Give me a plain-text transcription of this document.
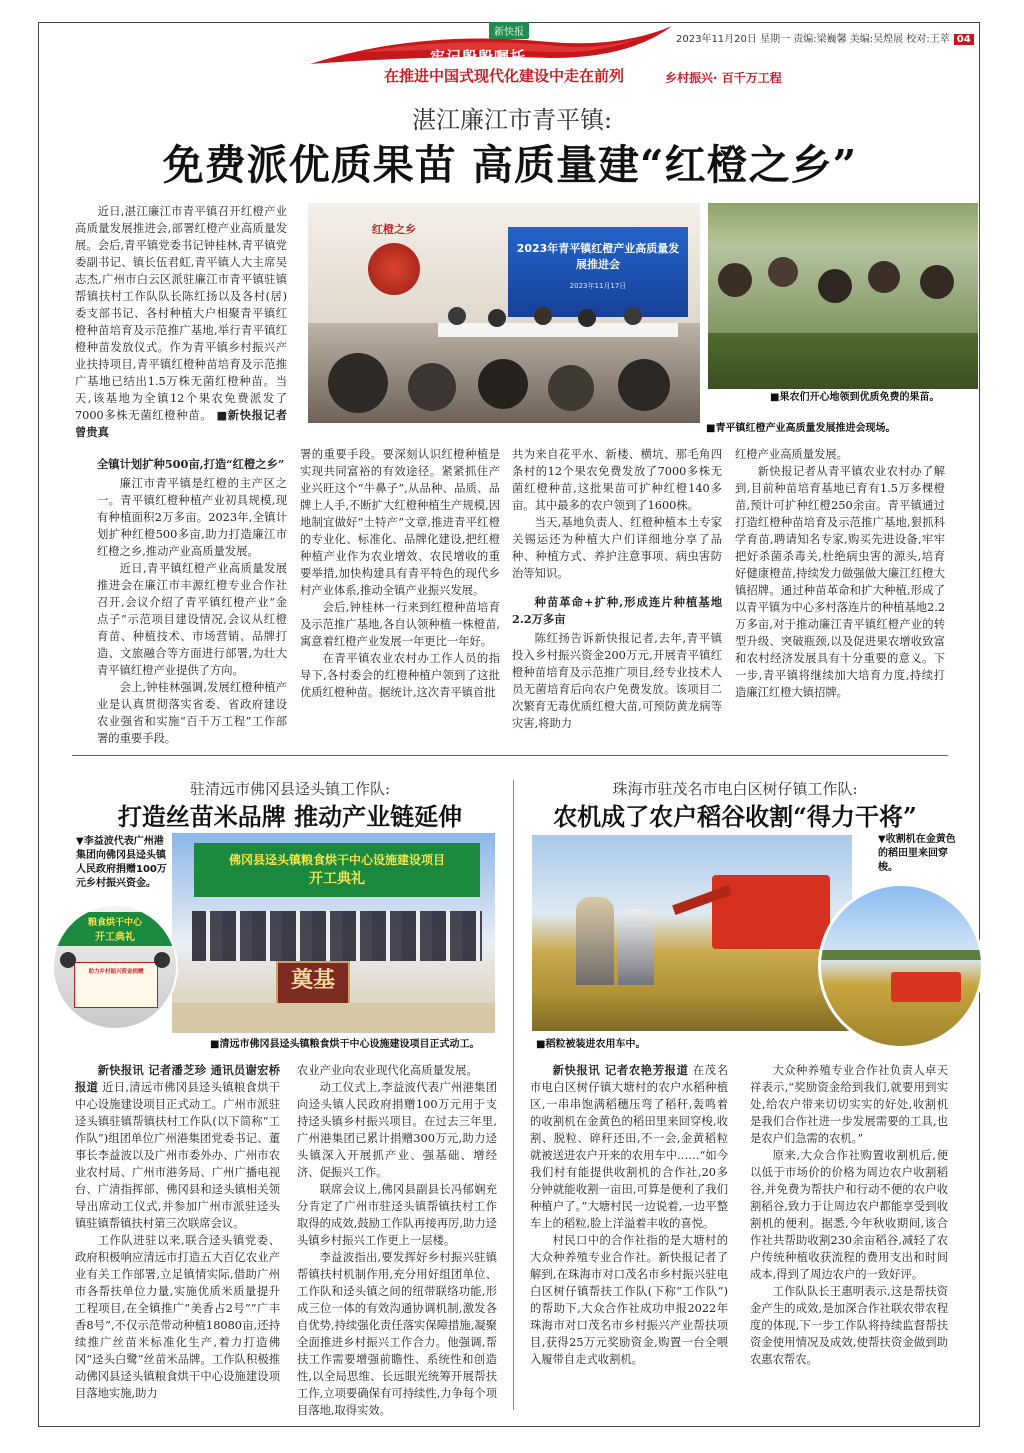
新快报
牢记殷殷嘱托
在推进中国式现代化建设中走在前列	乡村振兴· 百千万工程
2023年11月20日 星期一 责编:梁巍馨 美编:吴煌展 校对:王萃 04
湛江廉江市青平镇:
免费派优质果苗 高质量建“红橙之乡”

近日,湛江廉江市青平镇召开红橙产业高质量发展推进会,部署红橙产业高质量发展。会后,青平镇党委书记钟桂林,青平镇党委副书记、镇长伍君虹,青平镇人大主席吴志杰,广州市白云区派驻廉江市青平镇驻镇帮镇扶村工作队队长陈红扬以及各村(居)委支部书记、各村种植大户相聚青平镇红橙种苗培育及示范推广基地,举行青平镇红橙种苗发放仪式。作为青平镇乡村振兴产业扶持项目,青平镇红橙种苗培育及示范推广基地已结出1.5万株无菌红橙种苗。当天,该基地为全镇12个果农免费派发了7000多株无菌红橙种苗。 ■新快报记者 曾贵真

红橙之乡
2023年青平镇红橙产业高质量发展推进会
2023年11月17日
■青平镇红橙产业高质量发展推进会现场。
■果农们开心地领到优质免费的果苗。

全镇计划扩种500亩,打造“红橙之乡”

廉江市青平镇是红橙的主产区之一。青平镇红橙种植产业初具规模,现有种植面积2万多亩。2023年,全镇计划扩种红橙500多亩,助力打造廉江市红橙之乡,推动产业高质量发展。

近日,青平镇红橙产业高质量发展推进会在廉江市丰源红橙专业合作社召开,会议介绍了青平镇红橙产业“金点子”示范项目建设情况,会议从红橙育苗、种植技术、市场营销、品牌打造、文旅融合等方面进行部署,为壮大青平镇红橙产业提供了方向。

会上,钟桂林强调,发展红橙种植产业是认真贯彻落实省委、省政府建设农业强省和实施“百千万工程”工作部署的重要手段。

署的重要手段。要深刻认识红橙种植是实现共同富裕的有效途径。紧紧抓住产业兴旺这个“牛鼻子”,从品种、品质、品牌上人手,不断扩大红橙种植生产规模,因地制宜做好“土特产”文章,推进青平红橙的专业化、标准化、品牌化建设,把红橙种植产业作为农业增效、农民增收的重要举措,加快构建具有青平特色的现代乡村产业体系,推动全镇产业振兴发展。

会后,钟桂林一行来到红橙种苗培育及示范推广基地,各自认领种植一株橙苗,寓意着红橙产业发展一年更比一年好。

在青平镇农业农村办工作人员的指导下,各村委会的红橙种植户领到了这批优质红橙种苗。据统计,这次青平镇首批

共为来自花平水、新楼、横坑、那毛角四条村的12个果农免费发放了7000多株无菌红橙种苗,这批果苗可扩种红橙140多亩。其中最多的农户领到了1600株。

当天,基地负责人、红橙种植本土专家关锡运还为种植大户们详细地分享了品种、种植方式、养护注意事项、病虫害防治等知识。

种苗革命+扩种,形成连片种植基地2.2万多亩

陈红扬告诉新快报记者,去年,青平镇投入乡村振兴资金200万元,开展青平镇红橙种苗培育及示范推广项目,经专业技术人员无菌培育后向农户免费发放。该项目二次繁育无毒优质红橙大苗,可预防黄龙病等灾害,将助力

红橙产业高质量发展。

新快报记者从青平镇农业农村办了解到,目前种苗培育基地已育有1.5万多棵橙苗,预计可扩种红橙250余亩。青平镇通过打造红橙种苗培育及示范推广基地,狠抓科学育苗,聘请知名专家,购买先进设备,牢牢把好杀菌杀毒关,杜绝病虫害的源头,培育好健康橙苗,持续发力做强做大廉江红橙大镇招牌。通过种苗革命和扩大种植,形成了以青平镇为中心多村落连片的种植基地2.2万多亩,对于推动廉江青平镇红橙产业的转型升级、突破瓶颈,以及促进果农增收致富和农村经济发展具有十分重要的意义。下一步,青平镇将继续加大培育力度,持续打造廉江红橙大镇招牌。

驻清远市佛冈县迳头镇工作队:
打造丝苗米品牌 推动产业链延伸
▼李益波代表广州港集团向佛冈县迳头镇人民政府捐赠100万元乡村振兴资金。
佛冈县迳头镇粮食烘干中心设施建设项目
开工典礼
奠基
粮食烘干中心
开工典礼
助力乡村振兴资金捐赠
■清远市佛冈县迳头镇粮食烘干中心设施建设项目正式动工。

新快报讯 记者潘芝珍 通讯员谢宏桥报道 近日,清远市佛冈县迳头镇粮食烘干中心设施建设项目正式动工。广州市派驻迳头镇驻镇帮镇扶村工作队(以下简称“工作队”)组团单位广州港集团党委书记、董事长李益波以及广州市委外办、广州市农业农村局、广州市港务局、广州广播电视台、广清指挥部、佛冈县和迳头镇相关领导出席动工仪式,并参加广州市派驻迳头镇驻镇帮镇扶村第三次联席会议。

工作队进驻以来,联合迳头镇党委、政府积极响应清远市打造五大百亿农业产业有关工作部署,立足镇情实际,借助广州市各帮扶单位力量,实施优质米质量提升工程项目,在全镇推广“美香占2号”“广丰香8号”,不仅示范带动种植18080亩,还持续推广丝苗米标准化生产,着力打造佛冈“迳头白鹭”丝苗米品牌。工作队积极推动佛冈县迳头镇粮食烘干中心设施建设项目落地实施,助力

农业产业向农业现代化高质量发展。

动工仪式上,李益波代表广州港集团向迳头镇人民政府捐赠100万元用于支持迳头镇乡村振兴项目。在过去三年里,广州港集团已累计捐赠300万元,助力迳头镇深入开展抓产业、强基础、增经济、促振兴工作。

联席会议上,佛冈县副县长冯郁娴充分肯定了广州市驻迳头镇帮镇扶村工作取得的成效,鼓励工作队再接再厉,助力迳头镇乡村振兴工作更上一层楼。

李益波指出,要发挥好乡村振兴驻镇帮镇扶村机制作用,充分用好组团单位、工作队和迳头镇之间的纽带联络功能,形成三位一体的有效沟通协调机制,激发各自优势,持续强化责任落实保障措施,凝聚全面推进乡村振兴工作合力。他强调,帮扶工作需要增强前瞻性、系统性和创造性,以全局思维、长远眼光统筹开展帮扶工作,立项要确保有可持续性,力争每个项目落地,取得实效。

珠海市驻茂名市电白区树仔镇工作队:
农机成了农户稻谷收割“得力干将”
▼收割机在金黄色的稻田里来回穿梭。
■稻粒被装进农用车中。

新快报讯 记者农艳芳报道 在茂名市电白区树仔镇大塘村的农户水稻种植区,一串串饱满稻穗压弯了稻秆,轰鸣着的收割机在金黄色的稻田里来回穿梭,收割、脱粒、碎秆还田,不一会,金黄稻粒就被送进农户开来的农用车中……“如今我们村有能提供收割机的合作社,20多分钟就能收割一亩田,可算是便利了我们种植户了。”大塘村民一边说着,一边平整车上的稻粒,脸上洋溢着丰收的喜悦。

村民口中的合作社指的是大塘村的大众种养殖专业合作社。新快报记者了解到,在珠海市对口茂名市乡村振兴驻电白区树仔镇帮扶工作队(下称“工作队”)的帮助下,大众合作社成功申报2022年珠海市对口茂名市乡村振兴产业帮扶项目,获得25万元奖励资金,购置一台全喂入履带自走式收割机。

大众种养殖专业合作社负责人卓天祥表示,“奖励资金给到我们,就要用到实处,给农户带来切切实实的好处,收割机是我们合作社进一步发展需要的工具,也是农户们急需的农机。”

原来,大众合作社购置收割机后,便以低于市场价的价格为周边农户收割稻谷,并免费为帮扶户和行动不便的农户收割稻谷,致力于让周边农户都能享受到收割机的便利。据悉,今年秋收期间,该合作社共帮助收割230余亩稻谷,减轻了农户传统种植收获流程的费用支出和时间成本,得到了周边农户的一致好评。

工作队队长王惠明表示,这是帮扶资金产生的成效,是加深合作社联农带农程度的体现,下一步工作队将持续监督帮扶资金使用情况及成效,使帮扶资金做到助农惠农帮农。
